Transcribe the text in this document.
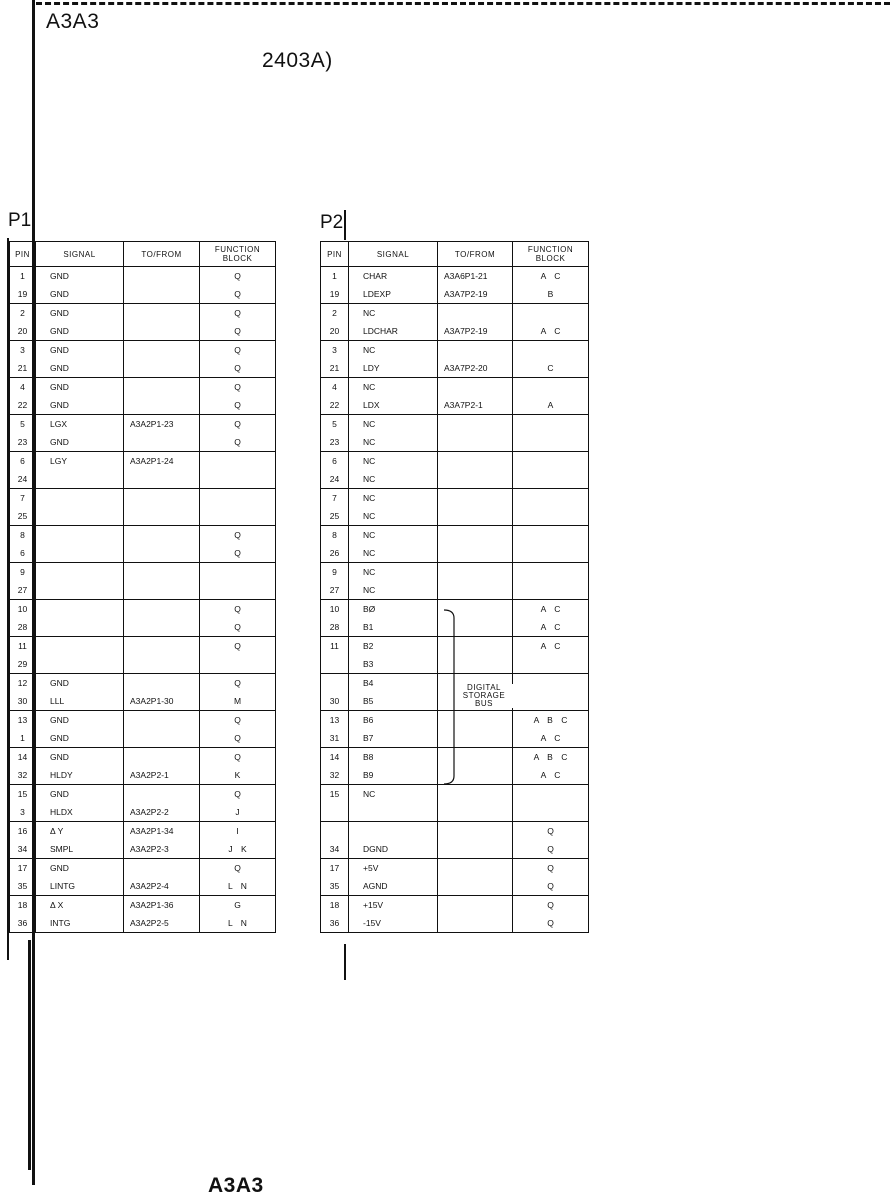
A3A3
2403A)
A3A3
P1	P2
PIN	SIGNAL	TO/FROM	FUNCTION
BLOCK
1	GND		Q
19	GND		Q
2	GND		Q
20	GND		Q
3	GND		Q
21	GND		Q
4	GND		Q
22	GND		Q
5	LGX	A3A2P1-23	Q
23	GND		Q
6	LGY	A3A2P1-24	
24			
7			
25			
8			Q
6			Q
9			
27			
10			Q
28			Q
11			Q
29			
12	GND		Q
30	LLL	A3A2P1-30	M
13	GND		Q
1	GND		Q
14	GND		Q
32	HLDY	A3A2P2-1	K
15	GND		Q
3	HLDX	A3A2P2-2	J
16	Δ Y	A3A2P1-34	I
34	SMPL	A3A2P2-3	J K
17	GND		Q
35	LINTG	A3A2P2-4	L N
18	Δ X	A3A2P1-36	G
36	INTG	A3A2P2-5	L N
PIN	SIGNAL	TO/FROM	FUNCTION
BLOCK
1	CHAR	A3A6P1-21	A C
19	LDEXP	A3A7P2-19	B
2	NC		
20	LDCHAR	A3A7P2-19	A C
3	NC		
21	LDY	A3A7P2-20	C
4	NC		
22	LDX	A3A7P2-1	A
5	NC		
23	NC		
6	NC		
24	NC		
7	NC		
25	NC		
8	NC		
26	NC		
9	NC		
27	NC		
10	BØ		A C
28	B1		A C
11	B2		A C
	B3		
	B4		
30	B5		
13	B6		A B C
31	B7		A C
14	B8		A B C
32	B9		A C
15	NC		

			Q
34	DGND		Q
17	+5V		Q
35	AGND		Q
18	+15V		Q
36	-15V		Q
DIGITAL STORAGE BUS
